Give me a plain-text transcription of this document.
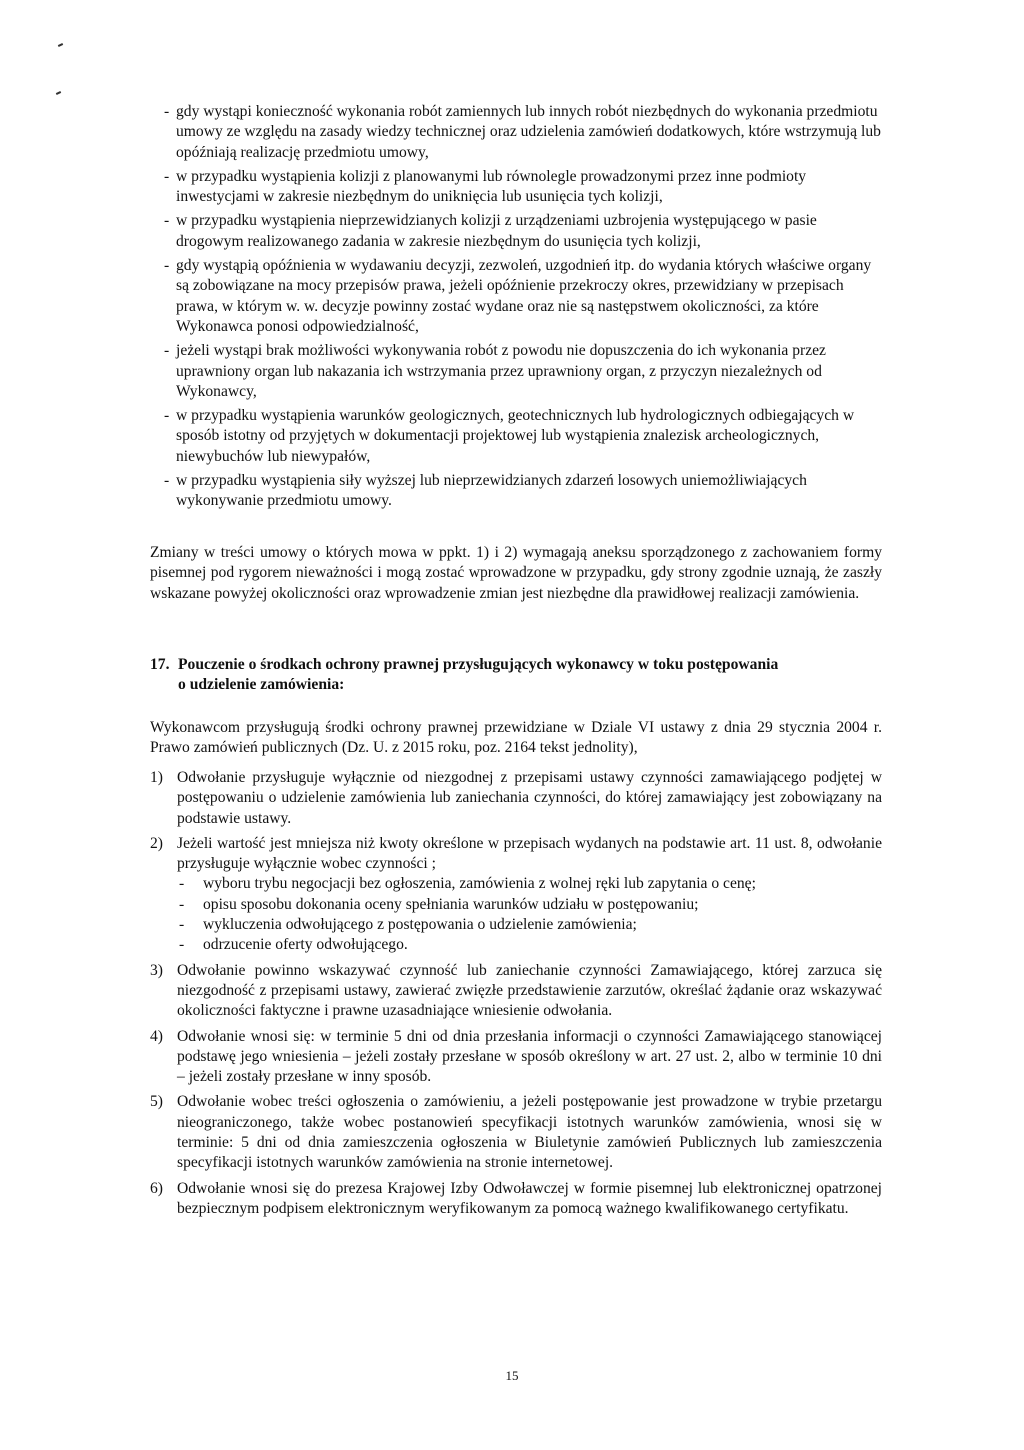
- gdy wystąpi konieczność wykonania robót zamiennych lub innych robót niezbędnych do wykonania przedmiotu umowy ze względu na zasady wiedzy technicznej oraz udzielenia zamówień dodatkowych, które wstrzymują lub opóźniają realizację przedmiotu umowy,
- w przypadku wystąpienia kolizji z planowanymi lub równolegle prowadzonymi przez inne podmioty inwestycjami w zakresie niezbędnym do uniknięcia lub usunięcia tych kolizji,
- w przypadku wystąpienia nieprzewidzianych kolizji z urządzeniami uzbrojenia występującego w pasie drogowym realizowanego zadania w zakresie niezbędnym do usunięcia tych kolizji,
- gdy wystąpią opóźnienia w wydawaniu decyzji, zezwoleń, uzgodnień itp. do wydania których właściwe organy są zobowiązane na mocy przepisów prawa, jeżeli opóźnienie przekroczy okres, przewidziany w przepisach prawa, w którym w. w. decyzje powinny zostać wydane oraz nie są następstwem okoliczności, za które Wykonawca ponosi odpowiedzialność,
- jeżeli wystąpi brak możliwości wykonywania robót z powodu nie dopuszczenia do ich wykonania przez uprawniony organ lub nakazania ich wstrzymania przez uprawniony organ, z przyczyn niezależnych od Wykonawcy,
- w przypadku wystąpienia warunków geologicznych, geotechnicznych lub hydrologicznych odbiegających w sposób istotny od przyjętych w dokumentacji projektowej lub wystąpienia znalezisk archeologicznych, niewybuchów lub niewypałów,
- w przypadku wystąpienia siły wyższej lub nieprzewidzianych zdarzeń losowych uniemożliwiających wykonywanie przedmiotu umowy.

Zmiany w treści umowy o których mowa w ppkt. 1) i 2) wymagają aneksu sporządzonego z zachowaniem formy pisemnej pod rygorem nieważności i mogą zostać wprowadzone w przypadku, gdy strony zgodnie uznają, że zaszły wskazane powyżej okoliczności oraz wprowadzenie zmian jest niezbędne dla prawidłowej realizacji zamówienia.

17. Pouczenie o środkach ochrony prawnej przysługujących wykonawcy w toku postępowania
o udzielenie zamówienia:

Wykonawcom przysługują środki ochrony prawnej przewidziane w Dziale VI ustawy z dnia 29 stycznia 2004 r. Prawo zamówień publicznych (Dz. U. z 2015 roku, poz. 2164 tekst jednolity),

1) Odwołanie przysługuje wyłącznie od niezgodnej z przepisami ustawy czynności zamawiającego podjętej w postępowaniu o udzielenie zamówienia lub zaniechania czynności, do której zamawiający jest zobowiązany na podstawie ustawy.
2) Jeżeli wartość jest mniejsza niż kwoty określone w przepisach wydanych na podstawie art. 11 ust. 8, odwołanie przysługuje wyłącznie wobec czynności ;
- wyboru trybu negocjacji bez ogłoszenia, zamówienia z wolnej ręki lub zapytania o cenę;
- opisu sposobu dokonania oceny spełniania warunków udziału w postępowaniu;
- wykluczenia odwołującego z postępowania o udzielenie zamówienia;
- odrzucenie oferty odwołującego.
3) Odwołanie powinno wskazywać czynność lub zaniechanie czynności Zamawiającego, której zarzuca się niezgodność z przepisami ustawy, zawierać zwięzłe przedstawienie zarzutów, określać żądanie oraz wskazywać okoliczności faktyczne i prawne uzasadniające wniesienie odwołania.
4) Odwołanie wnosi się: w terminie 5 dni od dnia przesłania informacji o czynności Zamawiającego stanowiącej podstawę jego wniesienia – jeżeli zostały przesłane w sposób określony w art. 27 ust. 2, albo w terminie 10 dni – jeżeli zostały przesłane w inny sposób.
5) Odwołanie wobec treści ogłoszenia o zamówieniu, a jeżeli postępowanie jest prowadzone w trybie przetargu nieograniczonego, także wobec postanowień specyfikacji istotnych warunków zamówienia, wnosi się w terminie: 5 dni od dnia zamieszczenia ogłoszenia w Biuletynie zamówień Publicznych lub zamieszczenia specyfikacji istotnych warunków zamówienia na stronie internetowej.
6) Odwołanie wnosi się do prezesa Krajowej Izby Odwoławczej w formie pisemnej lub elektronicznej opatrzonej bezpiecznym podpisem elektronicznym weryfikowanym za pomocą ważnego kwalifikowanego certyfikatu.
15
